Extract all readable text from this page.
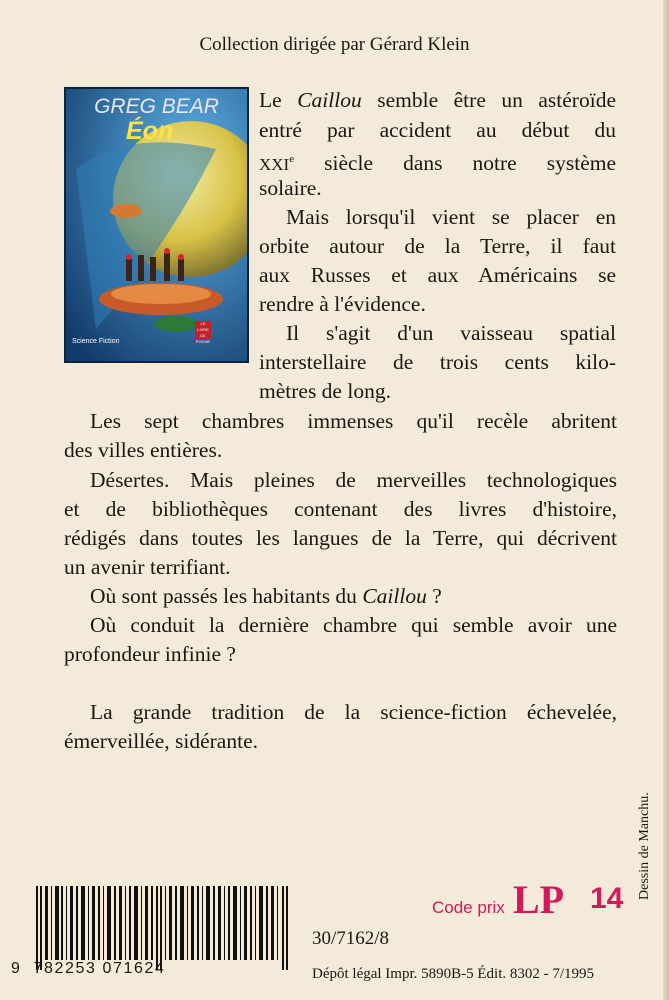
Collection dirigée par Gérard Klein
GREG BEAR
Éon
Science Fiction
LE LIVRE DE POCHE
Le Caillou semble être un astéroïde
entré par accident au début du
XXIe siècle dans notre système
solaire.
Mais lorsqu'il vient se placer en
orbite autour de la Terre, il faut
aux Russes et aux Américains se
rendre à l'évidence.
Il s'agit d'un vaisseau spatial
interstellaire de trois cents kilo-
mètres de long.
Les sept chambres immenses qu'il recèle abritent
des villes entières.
Désertes. Mais pleines de merveilles technologiques
et de bibliothèques contenant des livres d'histoire,
rédigés dans toutes les langues de la Terre, qui décrivent
un avenir terrifiant.
Où sont passés les habitants du Caillou ?
Où conduit la dernière chambre qui semble avoir une
profondeur infinie ?
La grande tradition de la science-fiction échevelée,
émerveillée, sidérante.
Code prix LP 14
30/7162/8
Dépôt légal Impr. 5890B-5 Édit. 8302 - 7/1995
Dessin de Manchu.
9 782253 071624
